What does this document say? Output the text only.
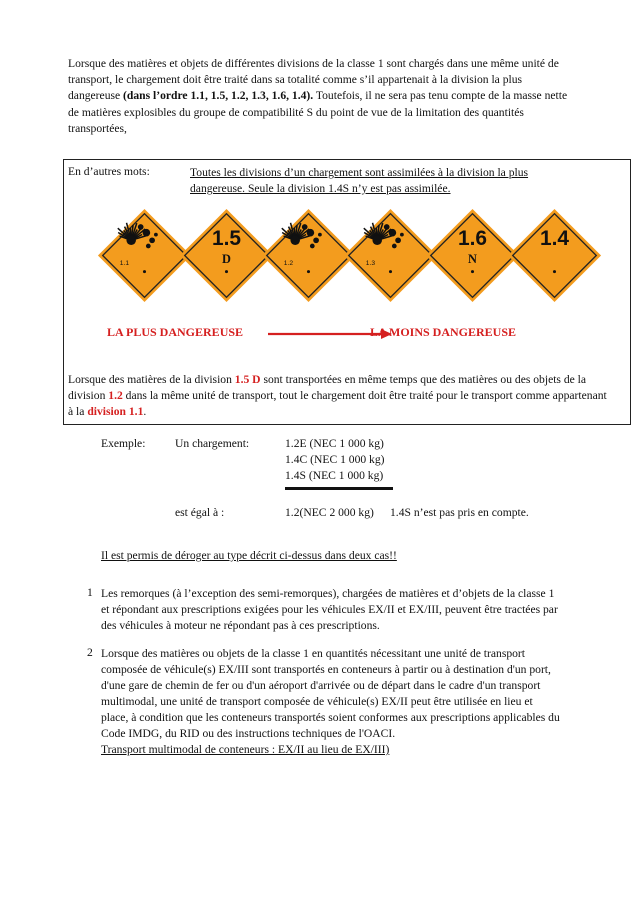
Lorsque des matières et objets de différentes divisions de la classe 1 sont chargés dans une même unité de transport, le chargement doit être traité dans sa totalité comme s’il appartenait à la division la plus dangereuse (dans l’ordre 1.1, 1.5, 1.2, 1.3, 1.6, 1.4). Toutefois, il ne sera pas tenu compte de la masse nette de matières explosibles du groupe de compatibilité S du point de vue de la limitation des quantités transportées,
En d’autres mots:	Toutes les divisions d’un chargement sont assimilées à la division la plus dangereuse. Seule la division 1.4S n’y est pas assimilée.
1.1
1.5
D	1.2	1.3
1.6
N
1.4
LA PLUS DANGEREUSE	LA MOINS DANGEREUSE
Lorsque des matières de la division 1.5 D sont transportées en même temps que des matières ou des objets de la division 1.2 dans la même unité de transport, tout le chargement doit être traité pour le transport comme appartenant à la division 1.1.
Exemple:	Un chargement:	1.2E (NEC 1 000 kg)
1.4C (NEC 1 000 kg)
1.4S (NEC 1 000 kg)
est égal à :	1.2(NEC 2 000 kg) 1.4S n’est pas pris en compte.
Il est permis de déroger au type décrit ci-dessus dans deux cas!!
1 Les remorques (à l’exception des semi-remorques), chargées de matières et d’objets de la classe 1 et répondant aux prescriptions exigées pour les véhicules EX/II et EX/III, peuvent être tractées par des véhicules à moteur ne répondant pas à ces prescriptions.
2 Lorsque des matières ou objets de la classe 1 en quantités nécessitant une unité de transport composée de véhicule(s) EX/III sont transportés en conteneurs à partir ou à destination d'un port, d'une gare de chemin de fer ou d'un aéroport d'arrivée ou de départ dans le cadre d'un transport multimodal, une unité de transport composée de véhicule(s) EX/II peut être utilisée en lieu et place, à condition que les conteneurs transportés soient conformes aux prescriptions applicables du Code IMDG, du RID ou des instructions techniques de l'OACI.
Transport multimodal de conteneurs : EX/II au lieu de EX/III)
